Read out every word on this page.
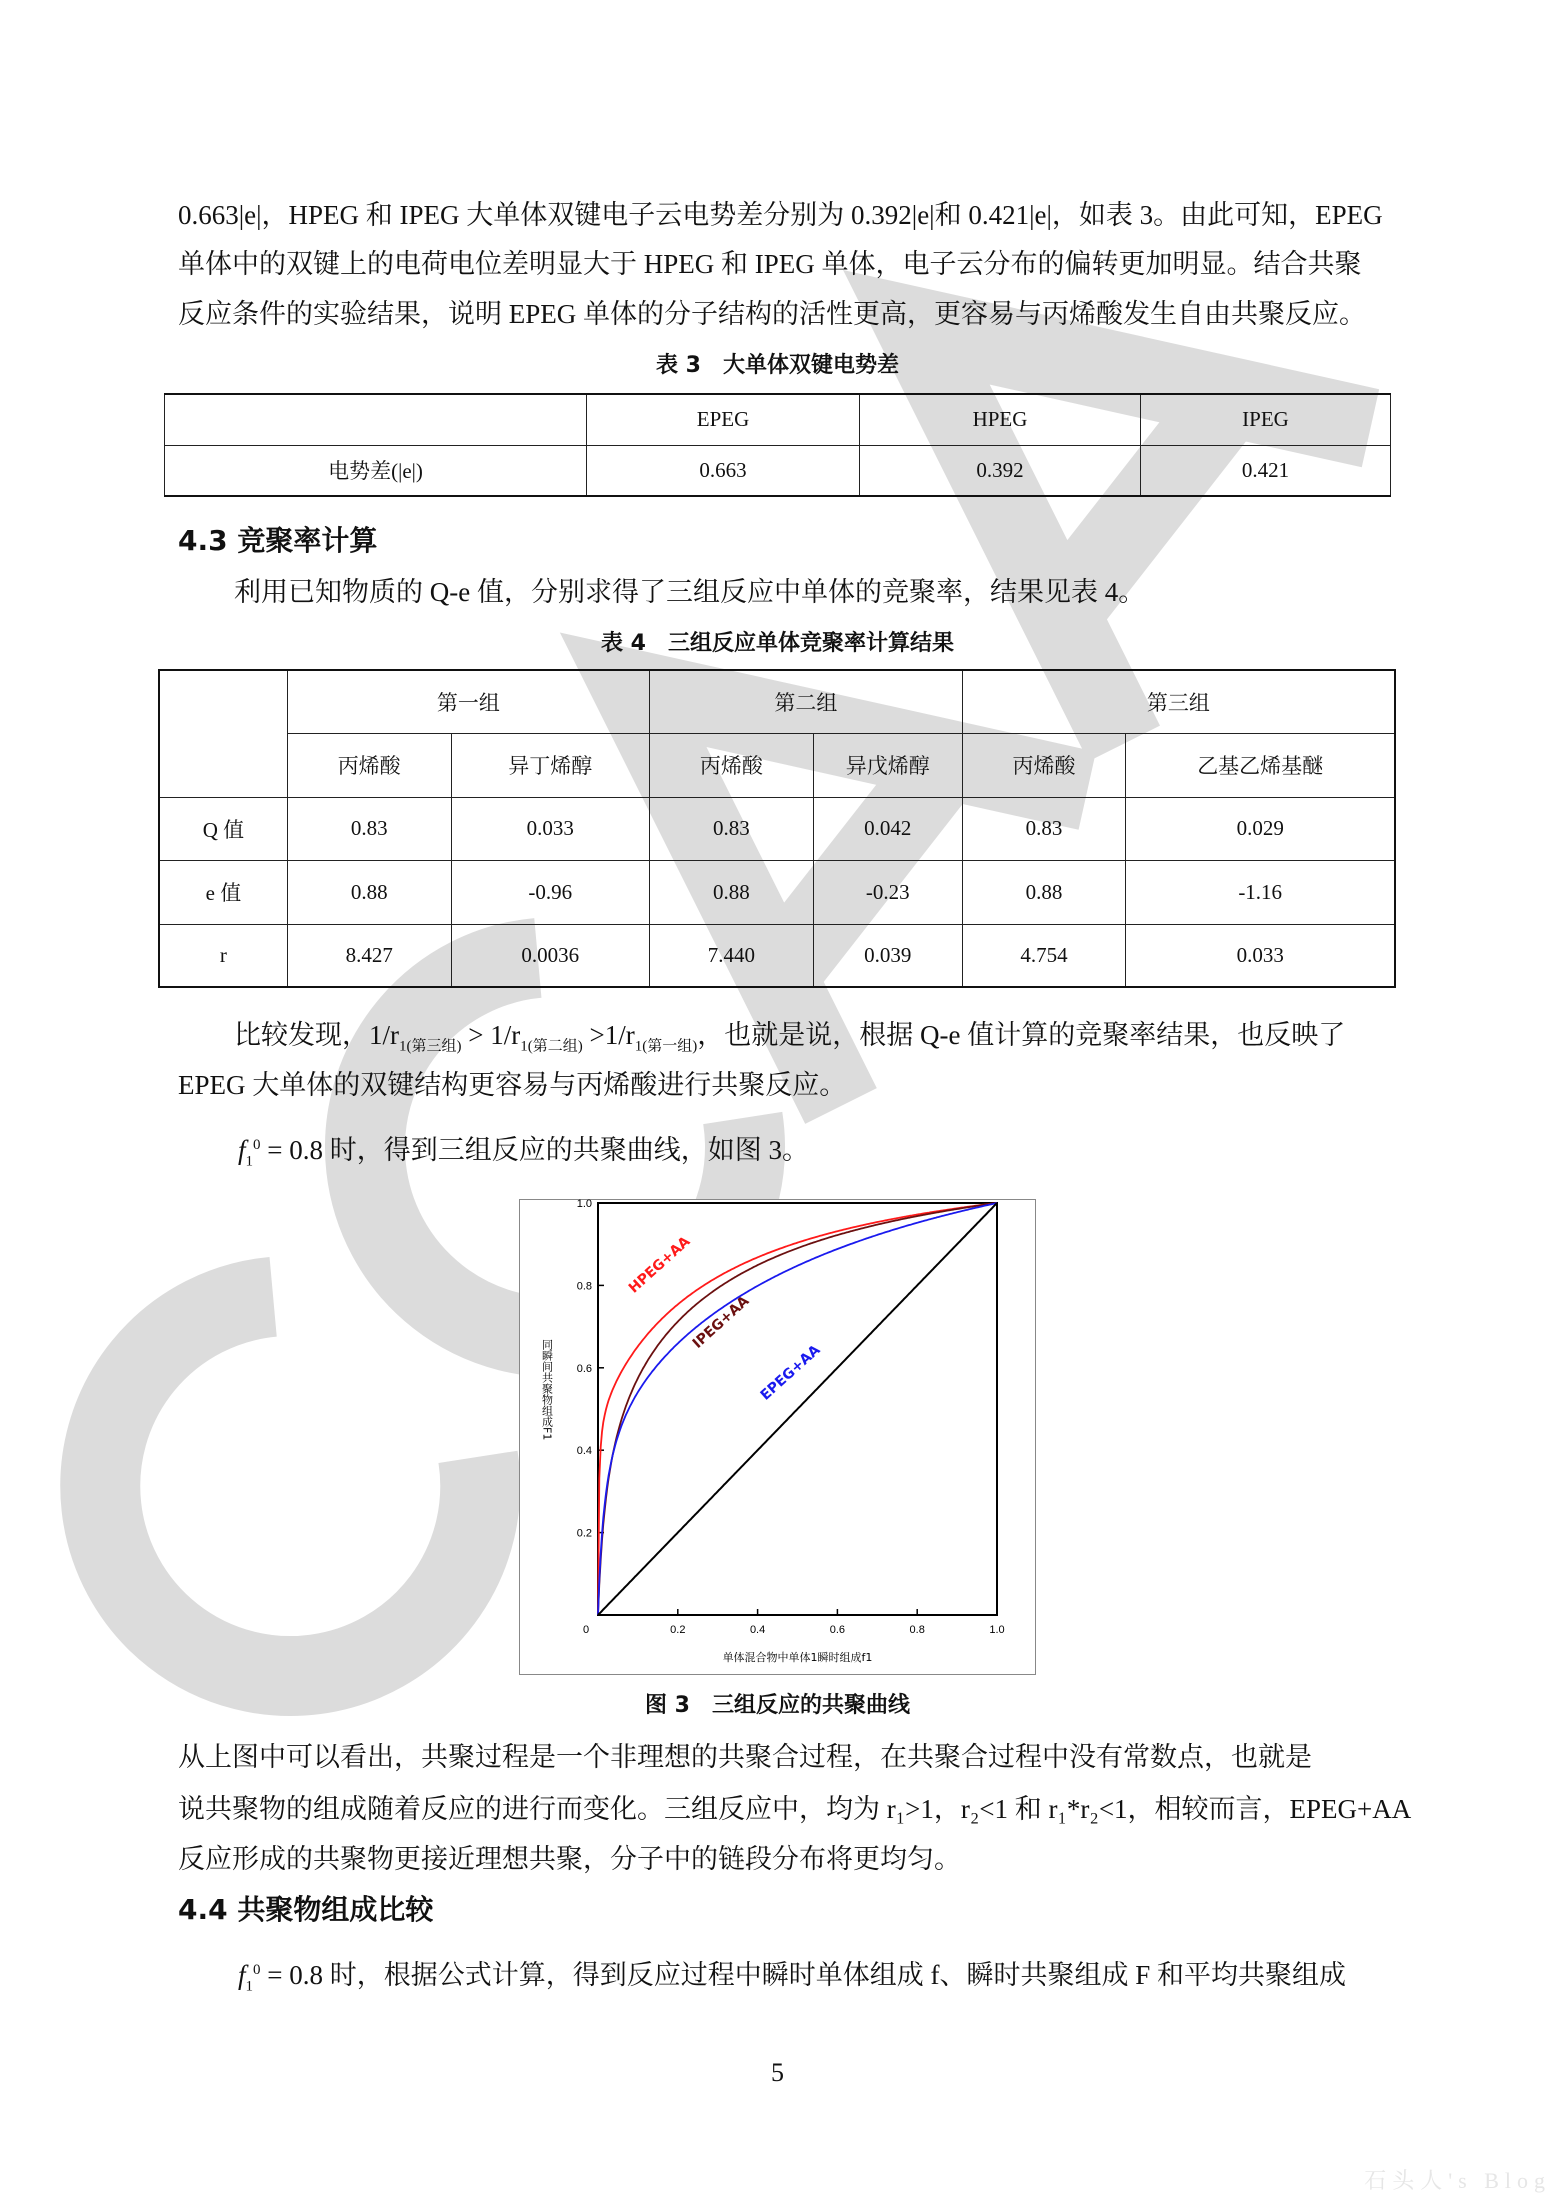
0.663|e|，HPEG 和 IPEG 大单体双键电子云电势差分别为 0.392|e|和 0.421|e|，如表 3。由此可知，EPEG
单体中的双键上的电荷电位差明显大于 HPEG 和 IPEG 单体，电子云分布的偏转更加明显。结合共聚
反应条件的实验结果，说明 EPEG 单体的分子结构的活性更高，更容易与丙烯酸发生自由共聚反应。
表 3　大单体双键电势差
	EPEG	HPEG	IPEG
电势差(|e|)	0.663	0.392	0.421
4.3 竞聚率计算
利用已知物质的 Q-e 值，分别求得了三组反应中单体的竞聚率，结果见表 4。
表 4　三组反应单体竞聚率计算结果
	第一组		第二组		第三组	
	丙烯酸	异丁烯醇	丙烯酸	异戊烯醇	丙烯酸	乙基乙烯基醚
Q 值	0.83	0.033	0.83	0.042	0.83	0.029
e 值	0.88	-0.96	0.88	-0.23	0.88	-1.16
r	8.427	0.0036	7.440	0.039	4.754	0.033
比较发现，$1/r_{1(第三组)} > 1/r_{1(第二组)} >1/r_{1(第一组)}$，也就是说，根据 Q-e 值计算的竞聚率结果，也反映了
EPEG 大单体的双键结构更容易与丙烯酸进行共聚反应。
$f_1^0 = 0.8$ 时，得到三组反应的共聚曲线，如图 3。
0	0.2	0.4	0.6	0.8	1.0
0.2
0.4
0.6
0.8
1.0
单体混合物中单体1瞬时组成f1
同瞬间共聚物组成F1
HPEG+AA
IPEG+AA
EPEG+AA
图 3　三组反应的共聚曲线
从上图中可以看出，共聚过程是一个非理想的共聚合过程，在共聚合过程中没有常数点，也就是
说共聚物的组成随着反应的进行而变化。三组反应中，均为 r₁>1，r₂<1 和 r₁*r₂<1，相较而言，EPEG+AA
反应形成的共聚物更接近理想共聚，分子中的链段分布将更均匀。
4.4 共聚物组成比较
$f_1^0 = 0.8$ 时，根据公式计算，得到反应过程中瞬时单体组成 f、瞬时共聚组成 F 和平均共聚组成
5
石头人's Blog
